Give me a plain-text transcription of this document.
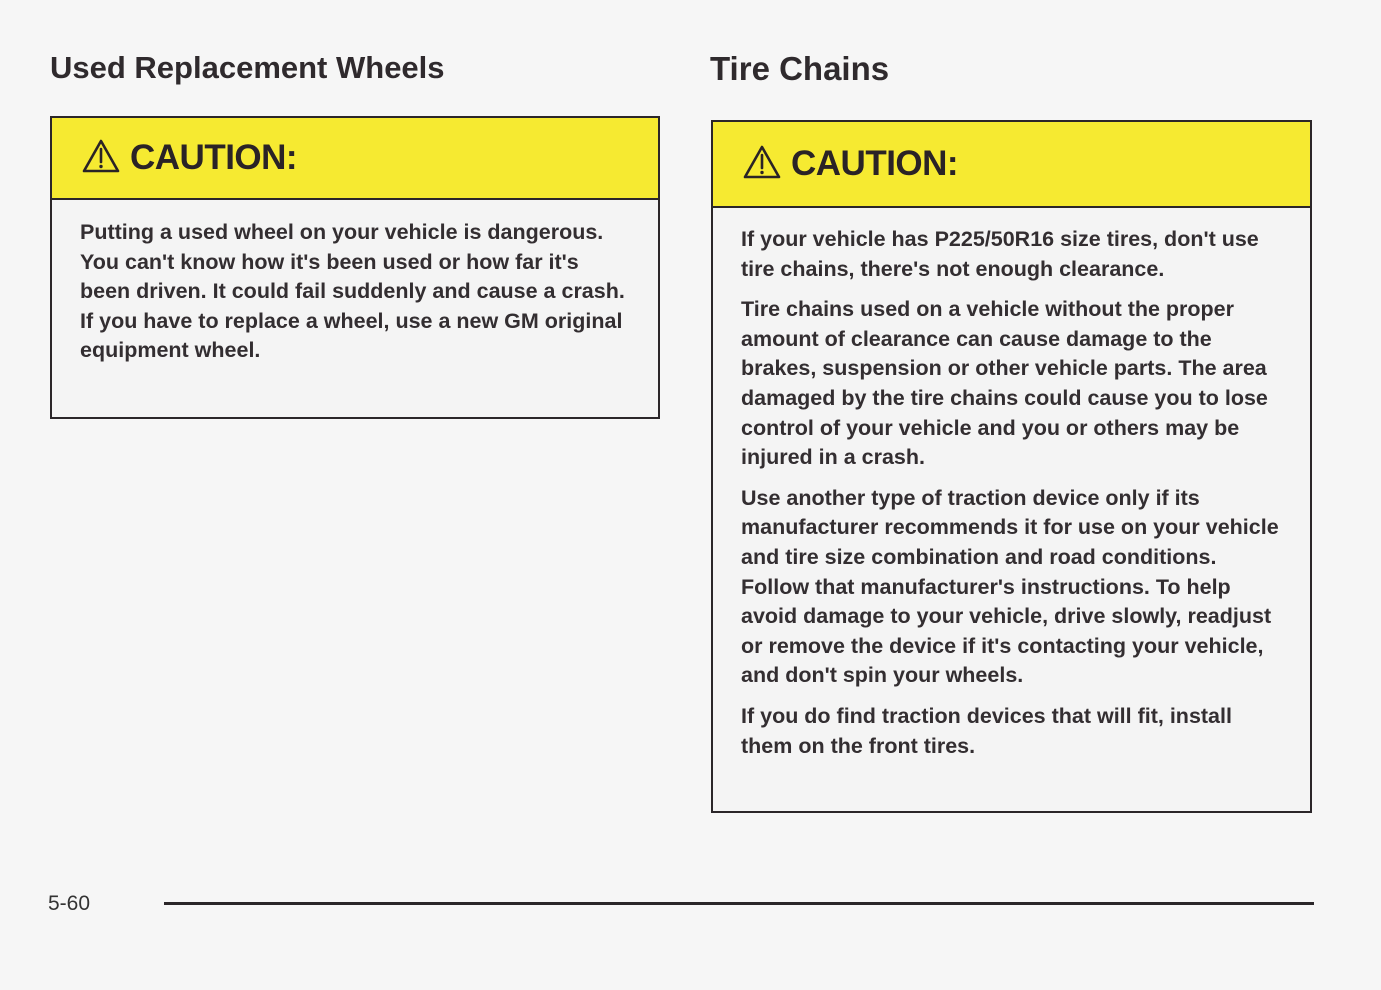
Used Replacement Wheels
CAUTION:

Putting a used wheel on your vehicle is dangerous. You can't know how it's been used or how far it's been driven. It could fail suddenly and cause a crash. If you have to replace a wheel, use a new GM original equipment wheel.

Tire Chains
CAUTION:

If your vehicle has P225/50R16 size tires, don't use tire chains, there's not enough clearance.

Tire chains used on a vehicle without the proper amount of clearance can cause damage to the brakes, suspension or other vehicle parts. The area damaged by the tire chains could cause you to lose control of your vehicle and you or others may be injured in a crash.

Use another type of traction device only if its manufacturer recommends it for use on your vehicle and tire size combination and road conditions. Follow that manufacturer's instructions. To help avoid damage to your vehicle, drive slowly, readjust or remove the device if it's contacting your vehicle, and don't spin your wheels.

If you do find traction devices that will fit, install them on the front tires.

5-60
